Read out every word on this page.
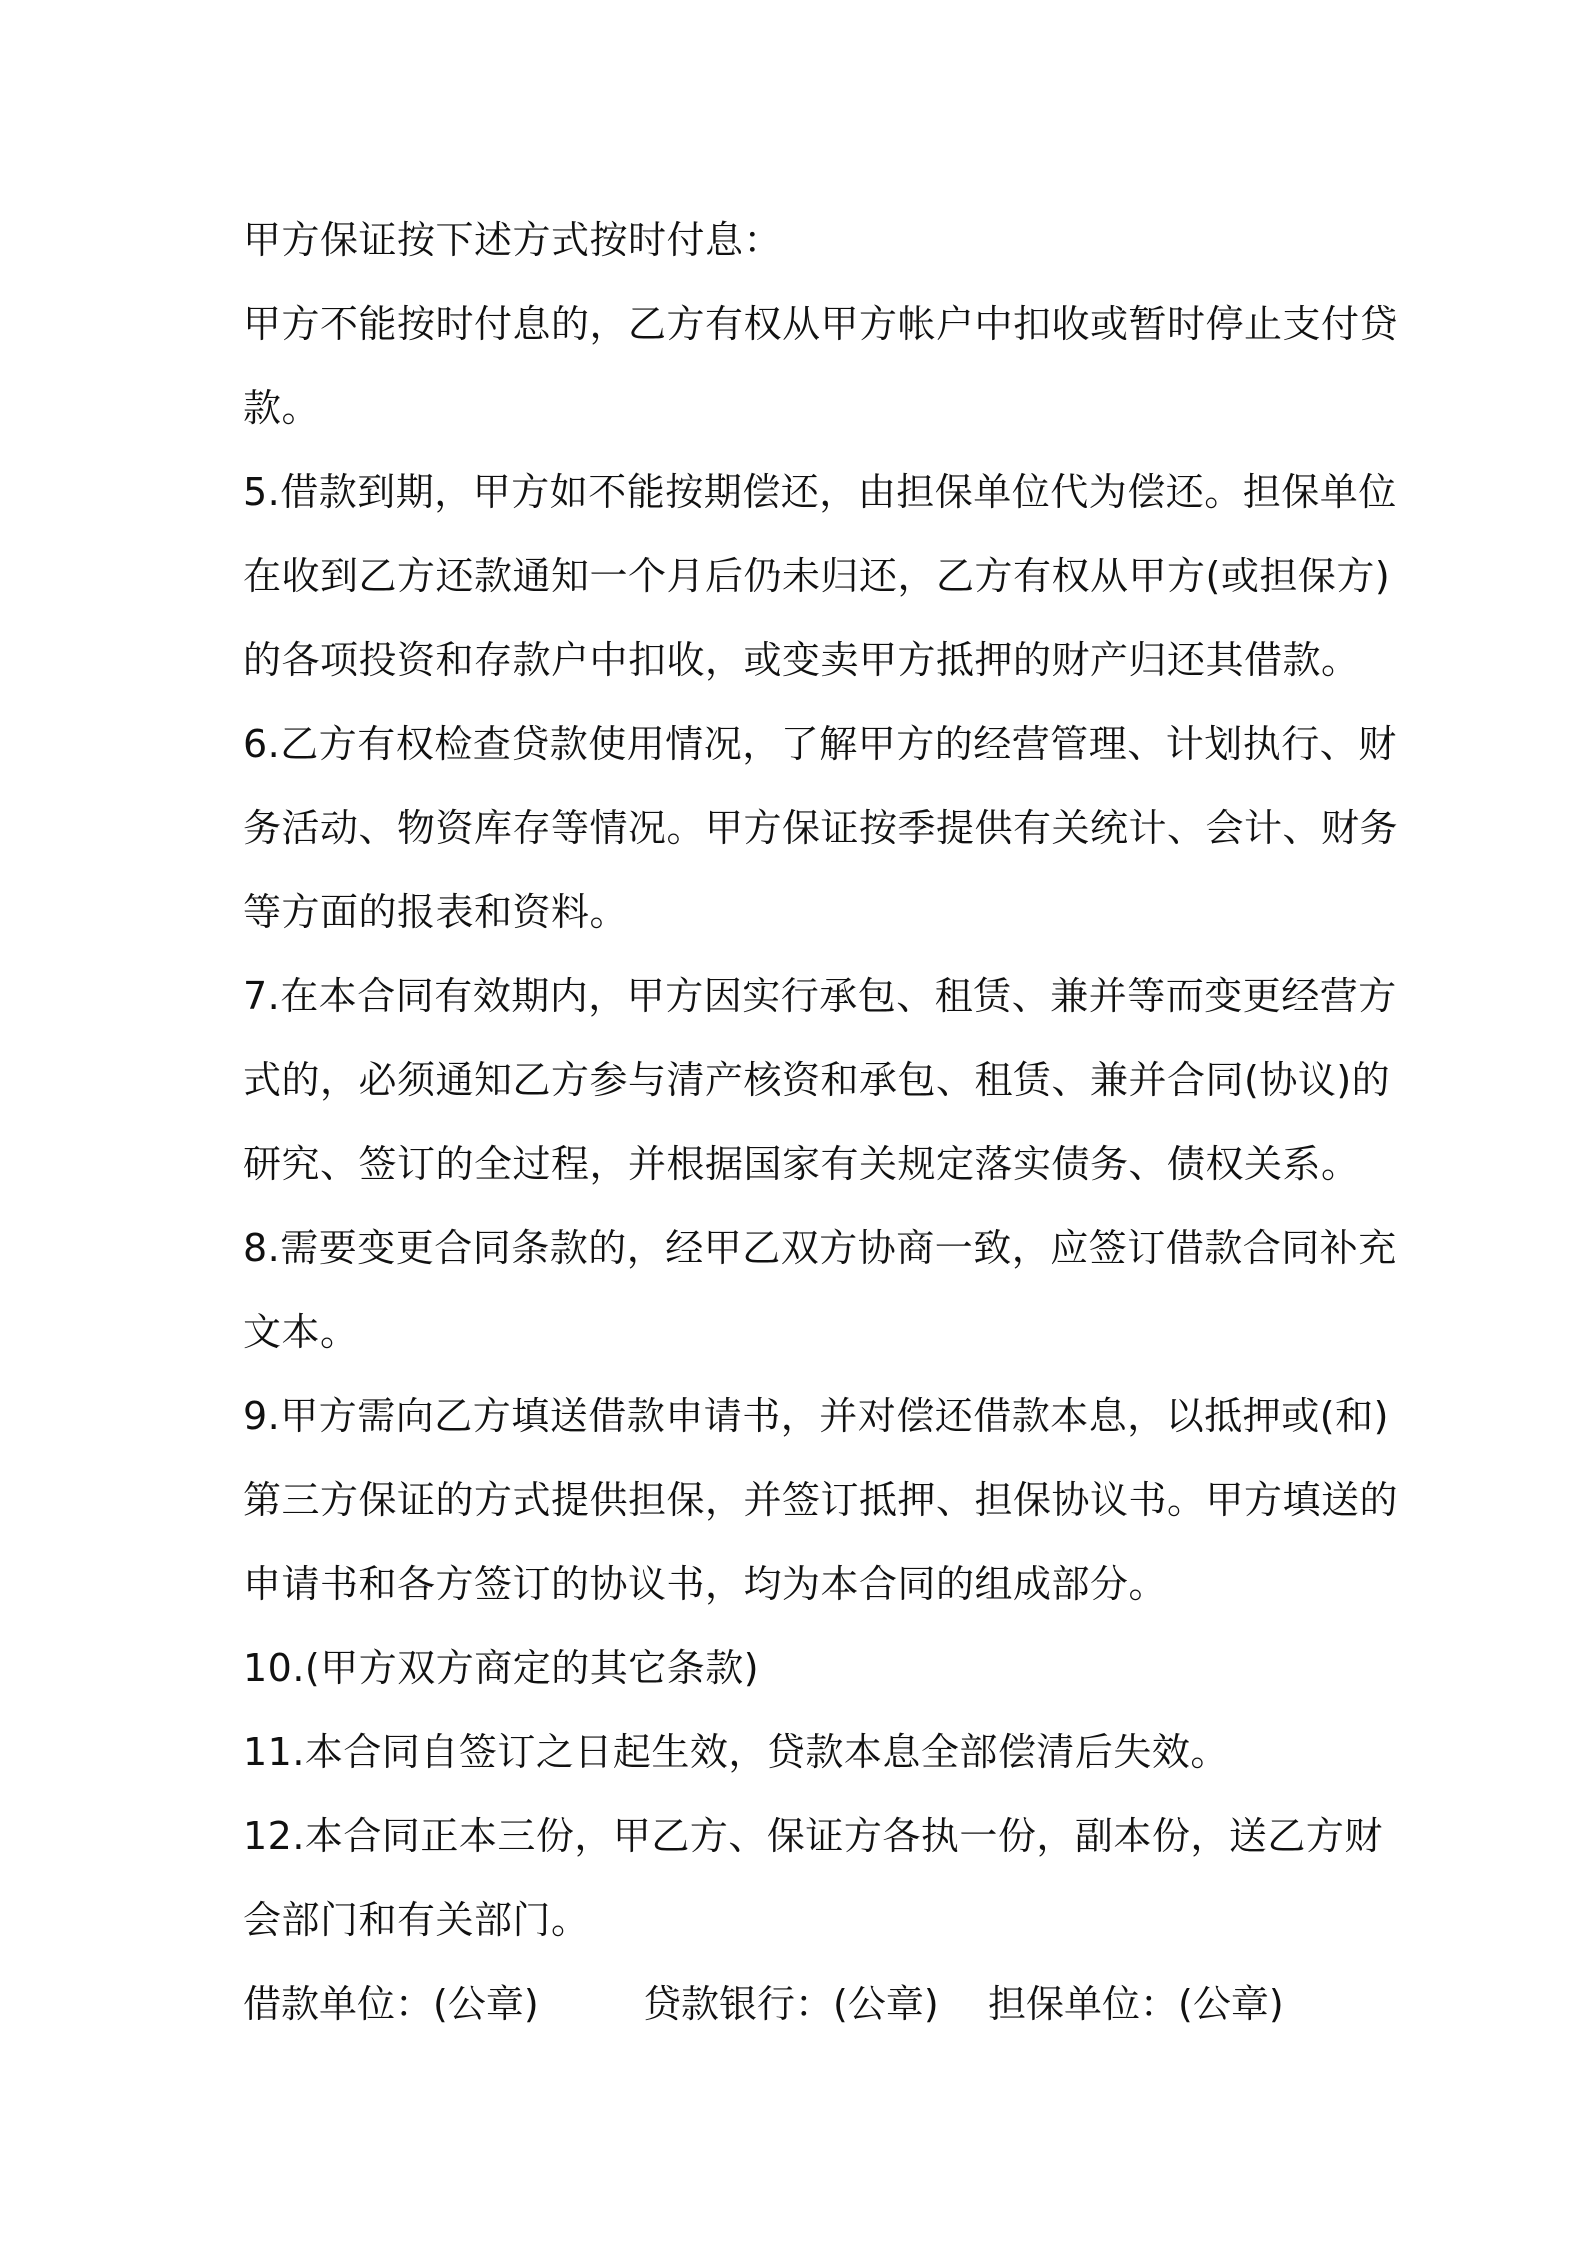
甲方保证按下述方式按时付息：
甲方不能按时付息的，乙方有权从甲方帐户中扣收或暂时停止支付贷
款。
5.借款到期，甲方如不能按期偿还，由担保单位代为偿还。担保单位
在收到乙方还款通知一个月后仍未归还，乙方有权从甲方(或担保方)
的各项投资和存款户中扣收，或变卖甲方抵押的财产归还其借款。
6.乙方有权检查贷款使用情况，了解甲方的经营管理、计划执行、财
务活动、物资库存等情况。甲方保证按季提供有关统计、会计、财务
等方面的报表和资料。
7.在本合同有效期内，甲方因实行承包、租赁、兼并等而变更经营方
式的，必须通知乙方参与清产核资和承包、租赁、兼并合同(协议)的
研究、签订的全过程，并根据国家有关规定落实债务、债权关系。
8.需要变更合同条款的，经甲乙双方协商一致，应签订借款合同补充
文本。
9.甲方需向乙方填送借款申请书，并对偿还借款本息，以抵押或(和)
第三方保证的方式提供担保，并签订抵押、担保协议书。甲方填送的
申请书和各方签订的协议书，均为本合同的组成部分。
10.(甲方双方商定的其它条款)
11.本合同自签订之日起生效，贷款本息全部偿清后失效。
12.本合同正本三份，甲乙方、保证方各执一份，副本份，送乙方财
会部门和有关部门。
借款单位：(公章)	贷款银行：(公章) 担保单位：(公章)
